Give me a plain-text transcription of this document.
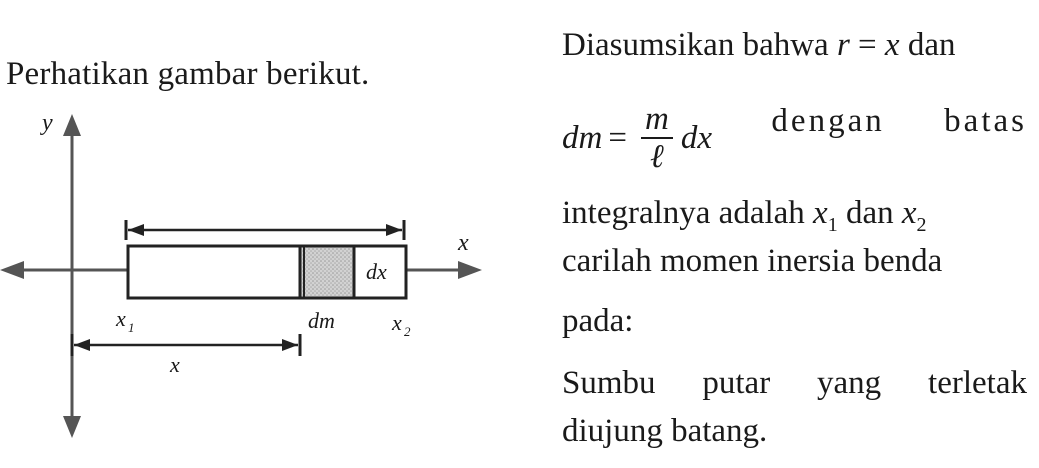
Perhatikan gambar berikut.
dx
y
x
x 1	dm	x 2
x
Diasumsikan bahwa r = x dan
dm = $\frac{m}{\text{ℓ}}$ dx dengan batas
integralnya adalah $x_1$ dan $x_2$
carilah momen inersia benda
pada:
Sumbu putar yang terletak
diujung batang.
